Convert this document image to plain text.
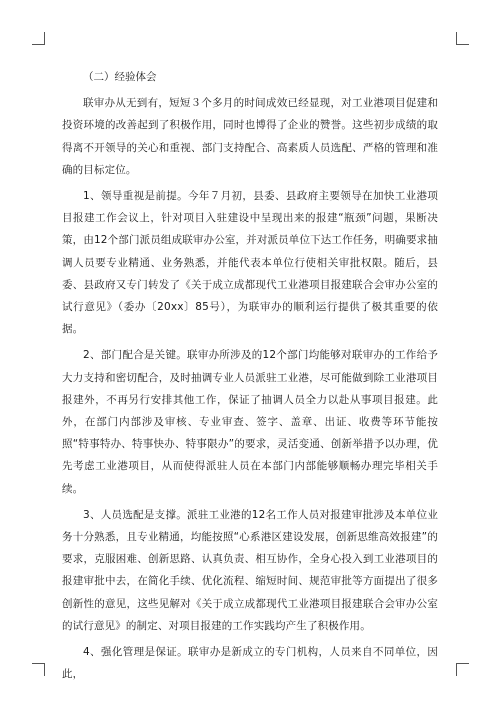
（二）经验体会

联审办从无到有，短短３个多月的时间成效已经显现，对工业港项目促建和投资环境的改善起到了积极作用，同时也博得了企业的赞誉。这些初步成绩的取得离不开领导的关心和重视、部门支持配合、高素质人员选配、严格的管理和准确的目标定位。

1、领导重视是前提。今年７月初，县委、县政府主要领导在加快工业港项目报建工作会议上，针对项目入驻建设中呈现出来的报建“瓶颈”问题，果断决策，由12个部门派员组成联审办公室，并对派员单位下达工作任务，明确要求抽调人员要专业精通、业务熟悉，并能代表本单位行使相关审批权限。随后，县委、县政府又专门转发了《关于成立成都现代工业港项目报建联合会审办公室的试行意见》（委办〔20xx〕85号），为联审办的顺利运行提供了极其重要的依据。

2、部门配合是关键。联审办所涉及的12个部门均能够对联审办的工作给予大力支持和密切配合，及时抽调专业人员派驻工业港，尽可能做到除工业港项目报建外，不再另行安排其他工作，保证了抽调人员全力以赴从事项目报建。此外，在部门内部涉及审核、专业审查、签字、盖章、出证、收费等环节能按照“特事特办、特事快办、特事限办”的要求，灵活变通、创新举措予以办理，优先考虑工业港项目，从而使得派驻人员在本部门内部能够顺畅办理完毕相关手续。

3、人员选配是支撑。派驻工业港的12名工作人员对报建审批涉及本单位业务十分熟悉，且专业精通，均能按照“心系港区建设发展，创新思维高效报建”的要求，克服困难、创新思路、认真负责、相互协作，全身心投入到工业港项目的报建审批中去，在简化手续、优化流程、缩短时间、规范审批等方面提出了很多创新性的意见，这些见解对《关于成立成都现代工业港项目报建联合会审办公室的试行意见》的制定、对项目报建的工作实践均产生了积极作用。

4、强化管理是保证。联审办是新成立的专门机构，人员来自不同单位，因此，
